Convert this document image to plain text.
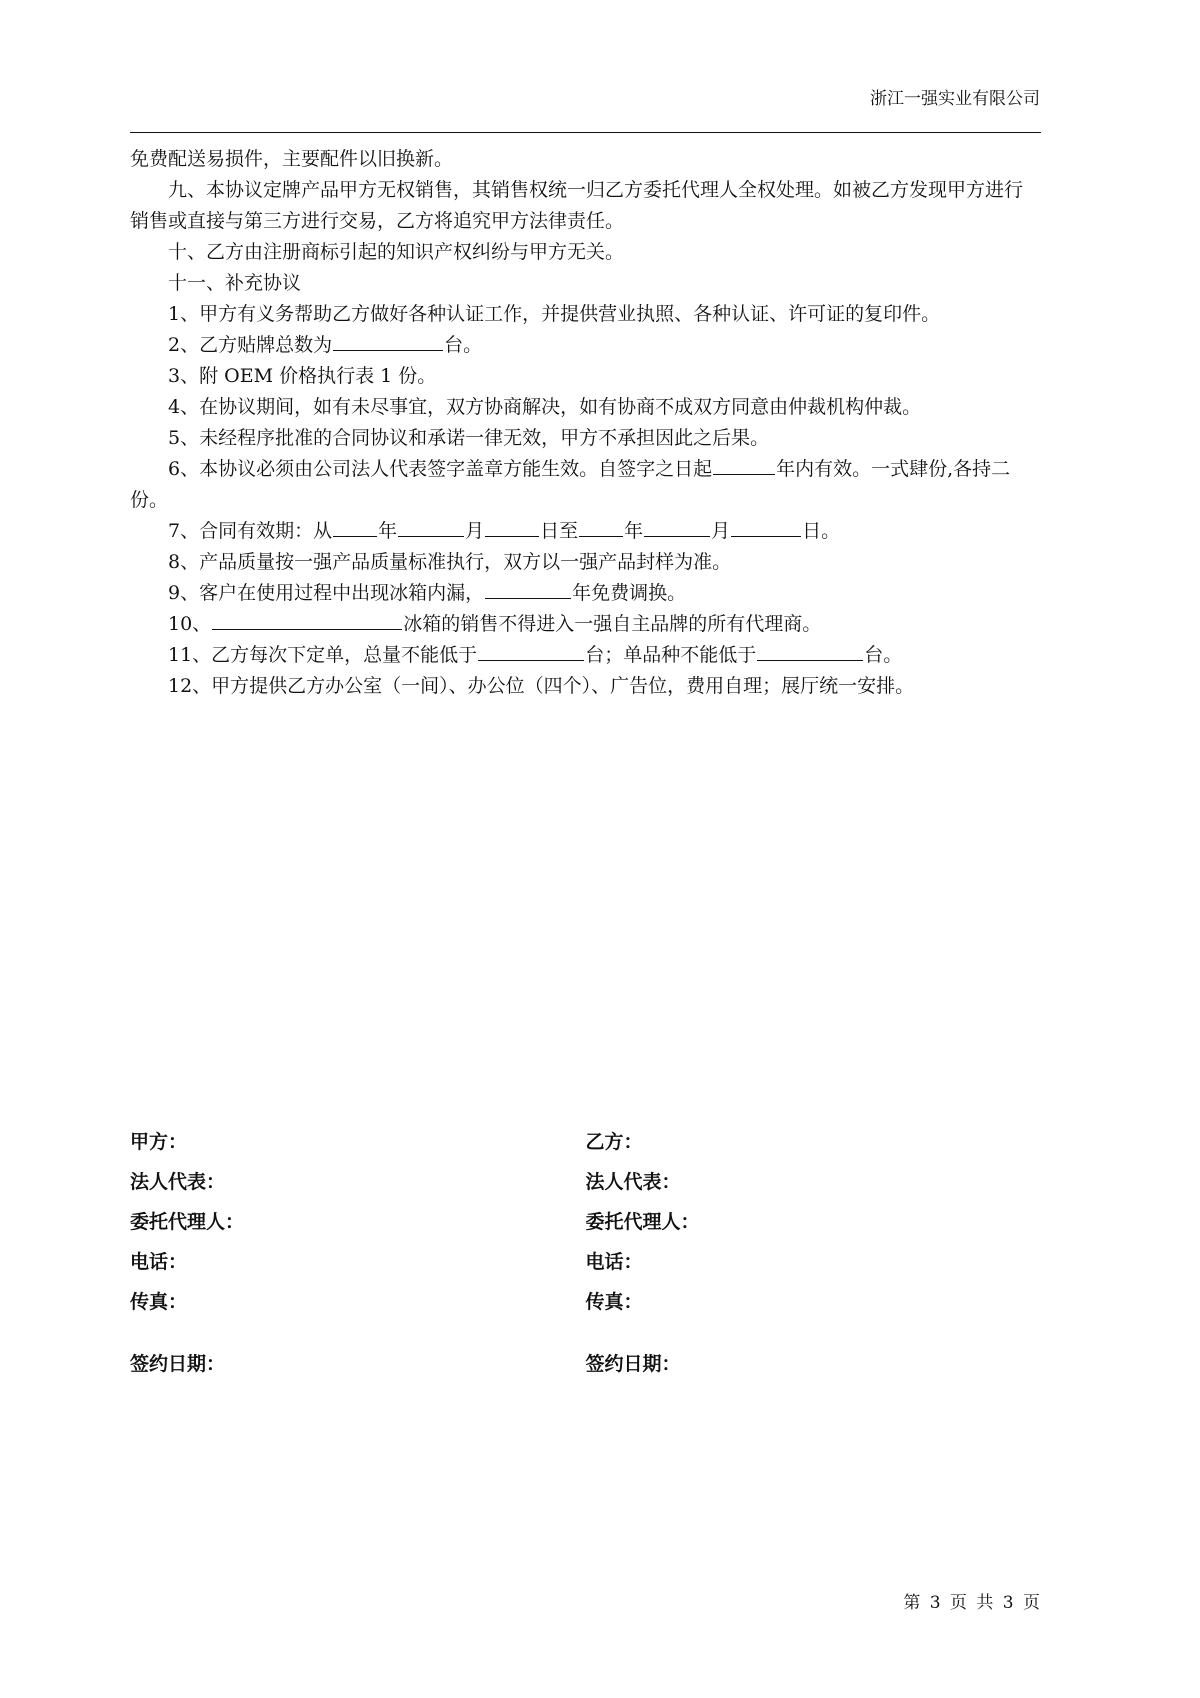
浙江一强实业有限公司

免费配送易损件，主要配件以旧换新。

九、本协议定牌产品甲方无权销售，其销售权统一归乙方委托代理人全权处理。如被乙方发现甲方进行销售或直接与第三方进行交易，乙方将追究甲方法律责任。

十、乙方由注册商标引起的知识产权纠纷与甲方无关。

十一、补充协议

1、甲方有义务帮助乙方做好各种认证工作，并提供营业执照、各种认证、许可证的复印件。

2、乙方贴牌总数为	台。

3、附 OEM 价格执行表 1 份。

4、在协议期间，如有未尽事宜，双方协商解决，如有协商不成双方同意由仲裁机构仲裁。

5、未经程序批准的合同协议和承诺一律无效，甲方不承担因此之后果。

6、本协议必须由公司法人代表签字盖章方能生效。自签字之日起	年内有效。一式肆份,各持二份。

7、合同有效期：从 年	月	日至 年	月	日。

8、产品质量按一强产品质量标准执行，双方以一强产品封样为准。

9、客户在使用过程中出现冰箱内漏，	年免费调换。

10、	冰箱的销售不得进入一强自主品牌的所有代理商。

11、乙方每次下定单，总量不能低于	台；单品种不能低于	台。

12、甲方提供乙方办公室（一间）、办公位（四个）、广告位，费用自理；展厅统一安排。

甲方：	乙方：
法人代表：	法人代表：
委托代理人：	委托代理人：
电话：	电话：
传真：	传真：
签约日期：	签约日期：
第 3 页 共 3 页
